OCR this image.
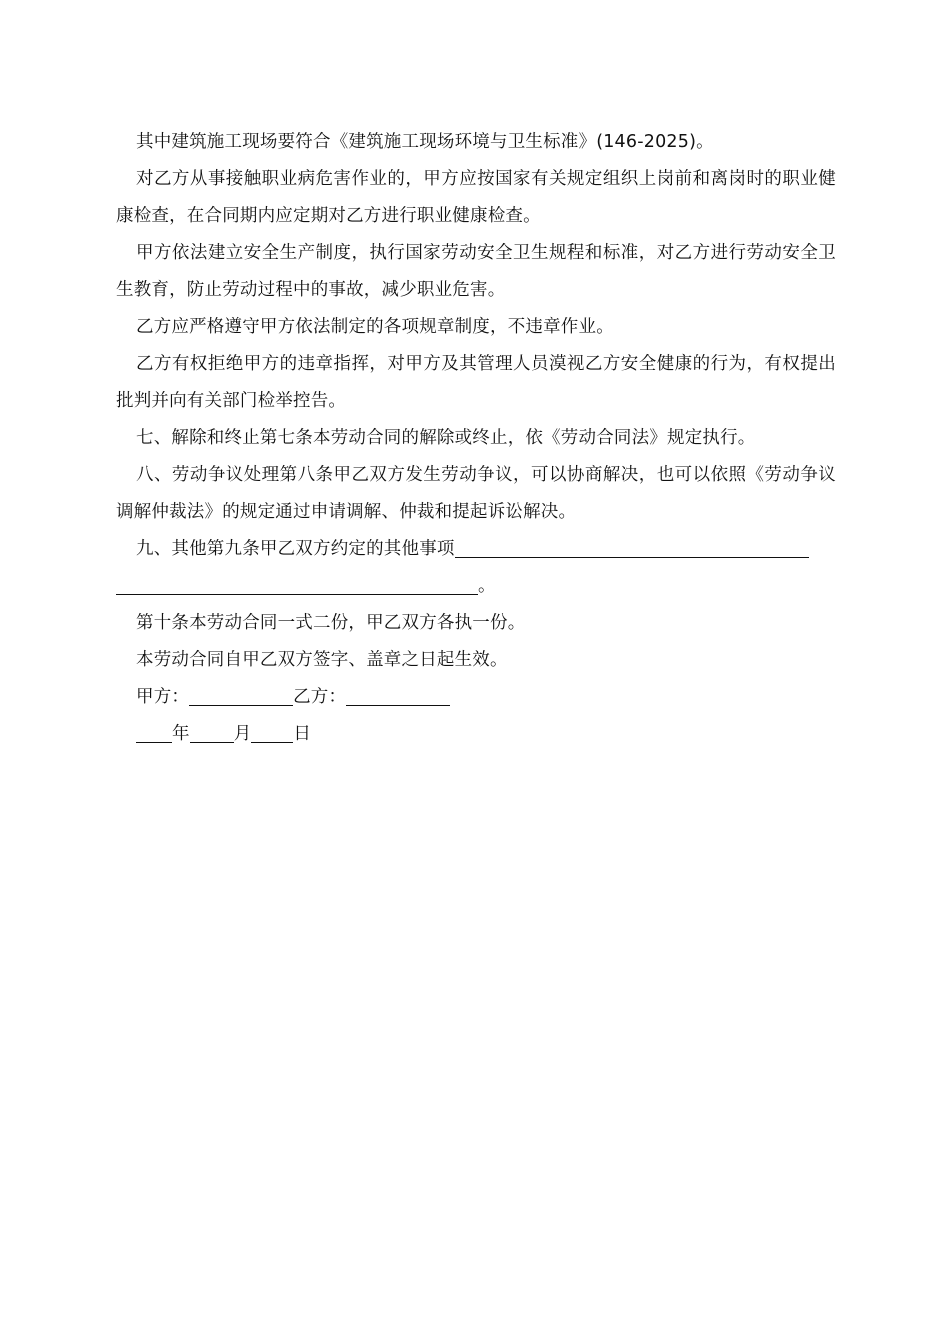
其中建筑施工现场要符合《建筑施工现场环境与卫生标准》(146-2025)。

对乙方从事接触职业病危害作业的，甲方应按国家有关规定组织上岗前和离岗时的职业健康检查，在合同期内应定期对乙方进行职业健康检查。

甲方依法建立安全生产制度，执行国家劳动安全卫生规程和标准，对乙方进行劳动安全卫生教育，防止劳动过程中的事故，减少职业危害。

乙方应严格遵守甲方依法制定的各项规章制度，不违章作业。

乙方有权拒绝甲方的违章指挥，对甲方及其管理人员漠视乙方安全健康的行为，有权提出批判并向有关部门检举控告。

七、解除和终止第七条本劳动合同的解除或终止，依《劳动合同法》规定执行。

八、劳动争议处理第八条甲乙双方发生劳动争议，可以协商解决，也可以依照《劳动争议调解仲裁法》的规定通过申请调解、仲裁和提起诉讼解决。

九、其他第九条甲乙双方约定的其他事项
。

第十条本劳动合同一式二份，甲乙双方各执一份。

本劳动合同自甲乙双方签字、盖章之日起生效。

甲方：	乙方：
年	月 日
